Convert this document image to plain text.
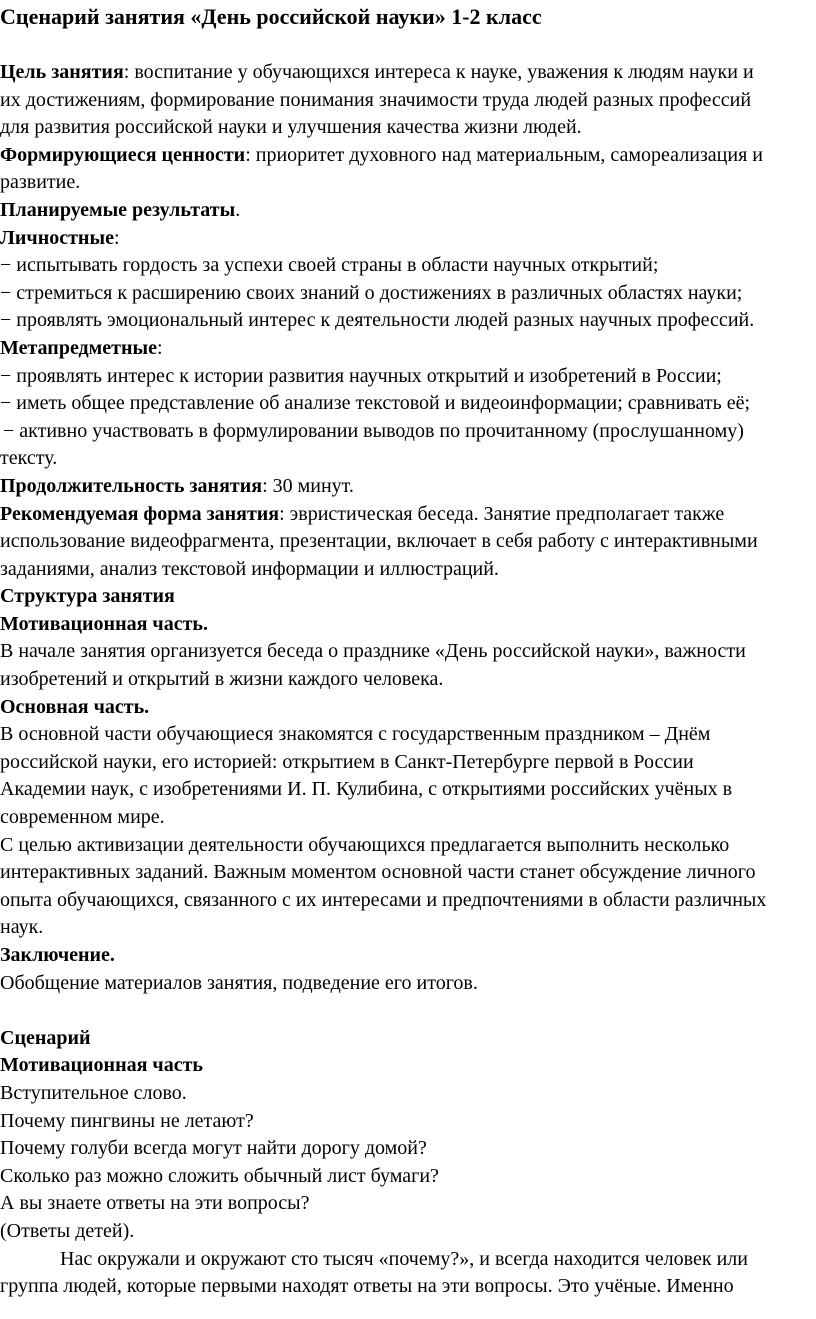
Сценарий занятия «День российской науки» 1-2 класс
Цель занятия: воспитание у обучающихся интереса к науке, уважения к людям науки и
их достижениям, формирование понимания значимости труда людей разных профессий
для развития российской науки и улучшения качества жизни людей.
Формирующиеся ценности: приоритет духовного над материальным, самореализация и
развитие.
Планируемые результаты.
Личностные:
− испытывать гордость за успехи своей страны в области научных открытий;
− стремиться к расширению своих знаний о достижениях в различных областях науки;
− проявлять эмоциональный интерес к деятельности людей разных научных профессий.
Метапредметные:
− проявлять интерес к истории развития научных открытий и изобретений в России;
− иметь общее представление об анализе текстовой и видеоинформации; сравнивать её;
− активно участвовать в формулировании выводов по прочитанному (прослушанному)
тексту.
Продолжительность занятия: 30 минут.
Рекомендуемая форма занятия: эвристическая беседа. Занятие предполагает также
использование видеофрагмента, презентации, включает в себя работу с интерактивными
заданиями, анализ текстовой информации и иллюстраций.
Структура занятия
Мотивационная часть.
В начале занятия организуется беседа о празднике «День российской науки», важности
изобретений и открытий в жизни каждого человека.
Основная часть.
В основной части обучающиеся знакомятся с государственным праздником – Днём
российской науки, его историей: открытием в Санкт-Петербурге первой в России
Академии наук, с изобретениями И. П. Кулибина, с открытиями российских учёных в
современном мире.
С целью активизации деятельности обучающихся предлагается выполнить несколько
интерактивных заданий. Важным моментом основной части станет обсуждение личного
опыта обучающихся, связанного с их интересами и предпочтениями в области различных
наук.
Заключение.
Обобщение материалов занятия, подведение его итогов.
Сценарий
Мотивационная часть
Вступительное слово.
Почему пингвины не летают?
Почему голуби всегда могут найти дорогу домой?
Сколько раз можно сложить обычный лист бумаги?
А вы знаете ответы на эти вопросы?
(Ответы детей).
Нас окружали и окружают сто тысяч «почему?», и всегда находится человек или
группа людей, которые первыми находят ответы на эти вопросы. Это учёные. Именно
